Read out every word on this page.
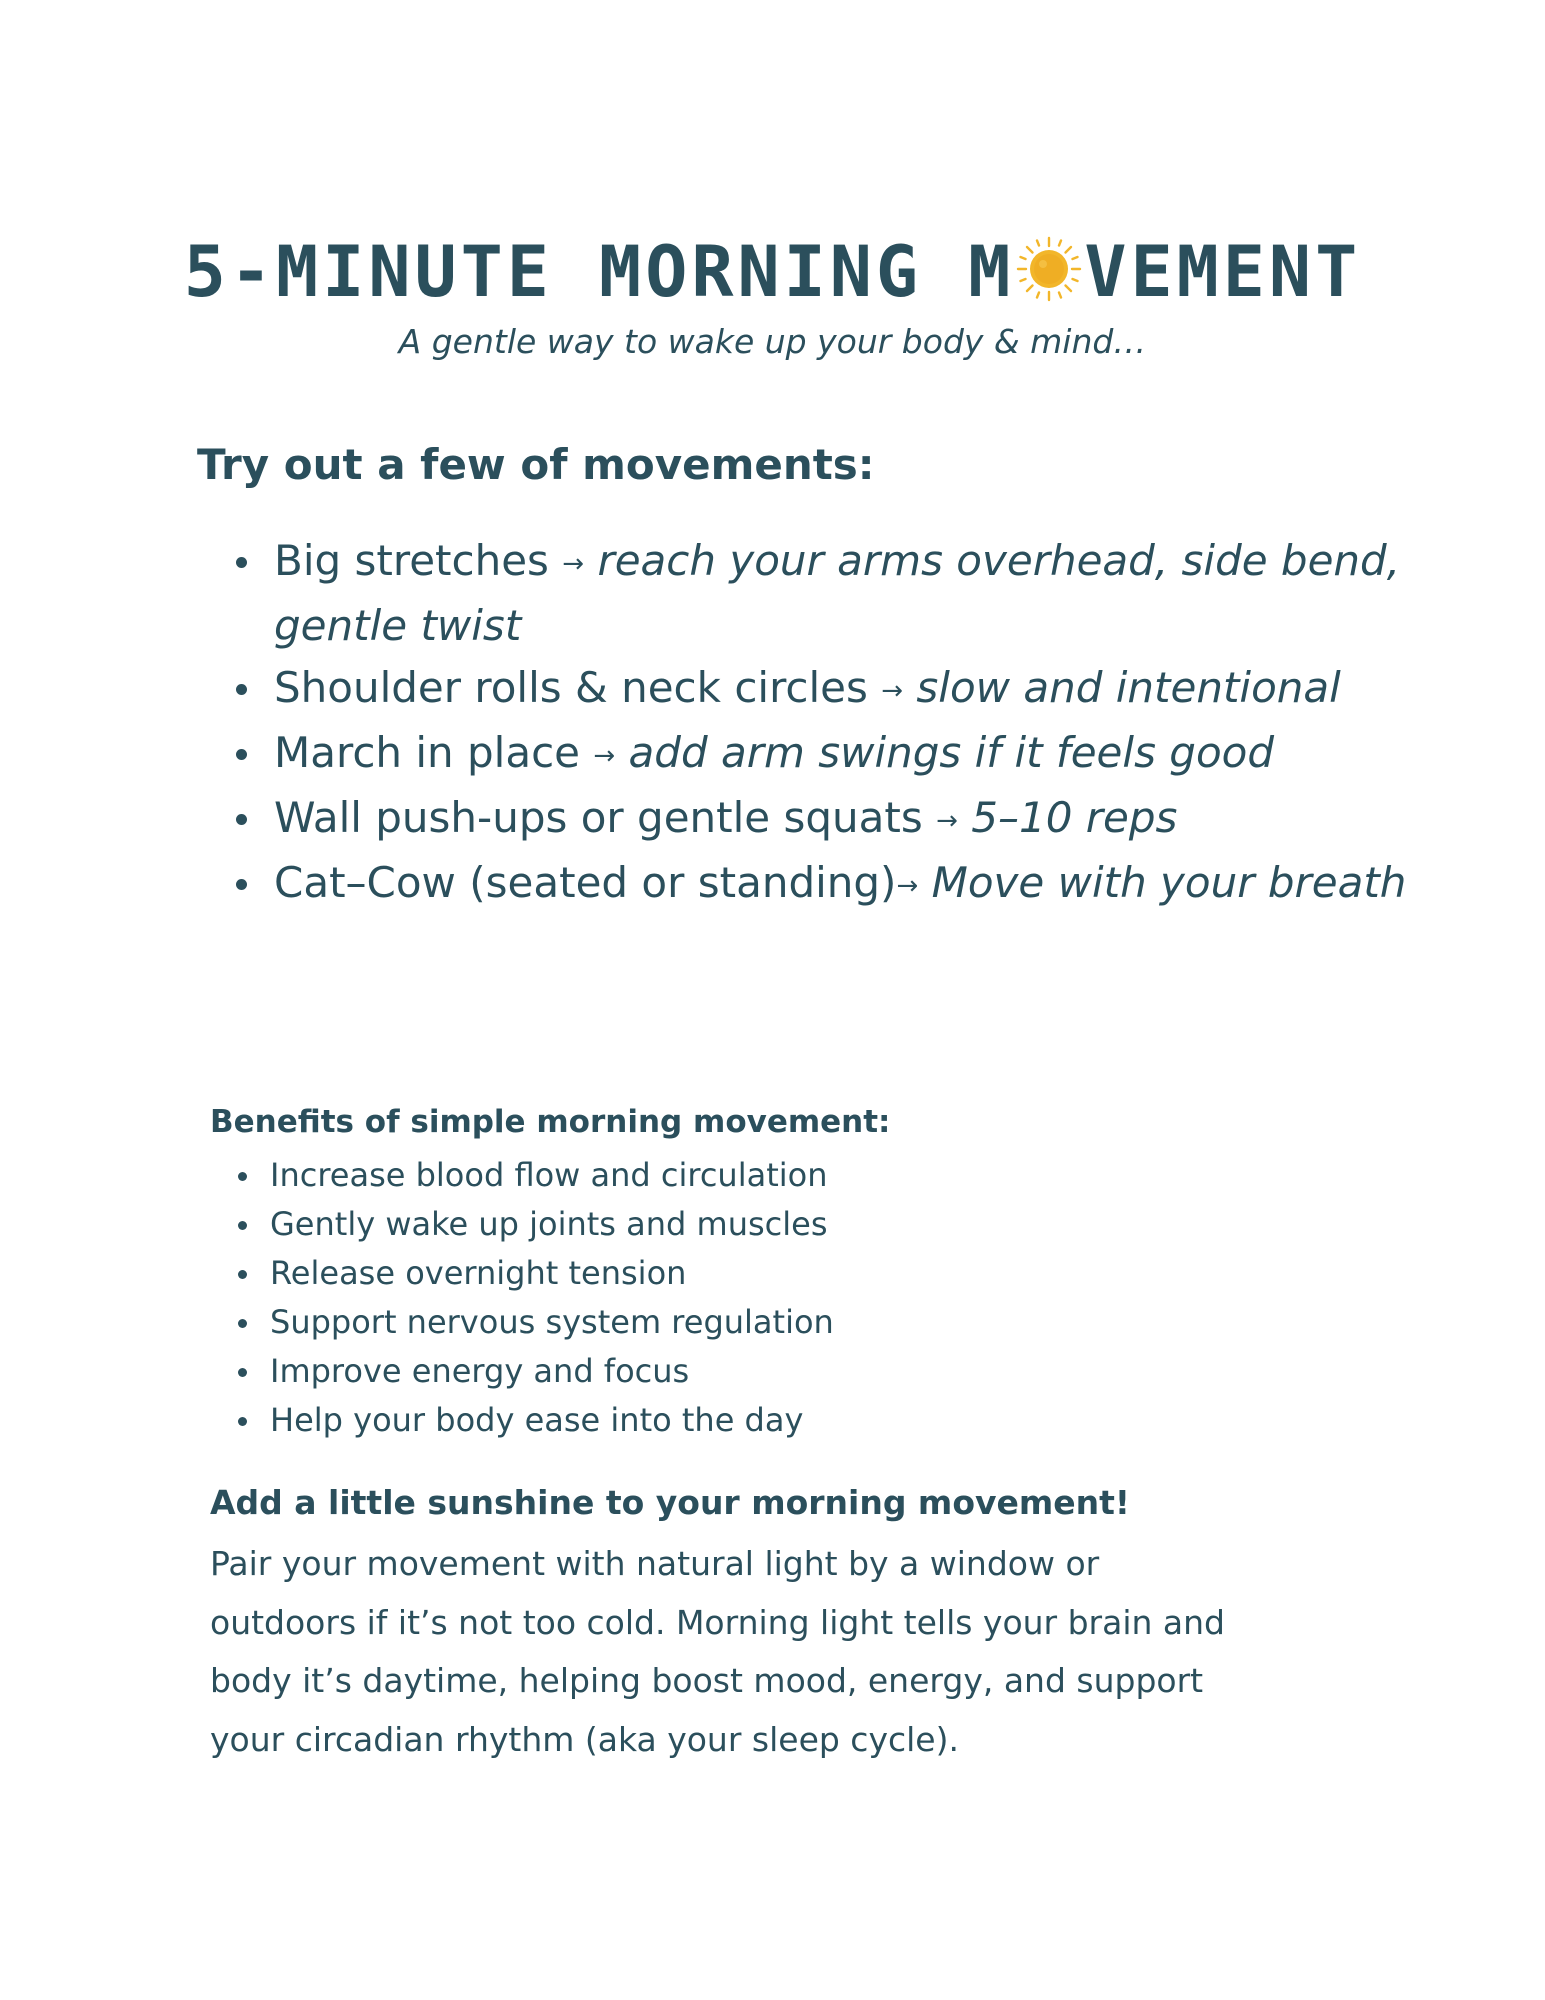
5-MINUTE MORNING M VEMENT
A gentle way to wake up your body & mind…
Try out a few of movements:
Big stretches → reach your arms overhead, side bend, gentle twist
Shoulder rolls & neck circles → slow and intentional
March in place → add arm swings if it feels good
Wall push-ups or gentle squats → 5–10 reps
Cat–Cow (seated or standing)→ Move with your breath
Benefits of simple morning movement:
Increase blood flow and circulation
Gently wake up joints and muscles
Release overnight tension
Support nervous system regulation
Improve energy and focus
Help your body ease into the day
Add a little sunshine to your morning movement!

Pair your movement with natural light by a window or
outdoors if it’s not too cold. Morning light tells your brain and
body it’s daytime, helping boost mood, energy, and support
your circadian rhythm (aka your sleep cycle).
